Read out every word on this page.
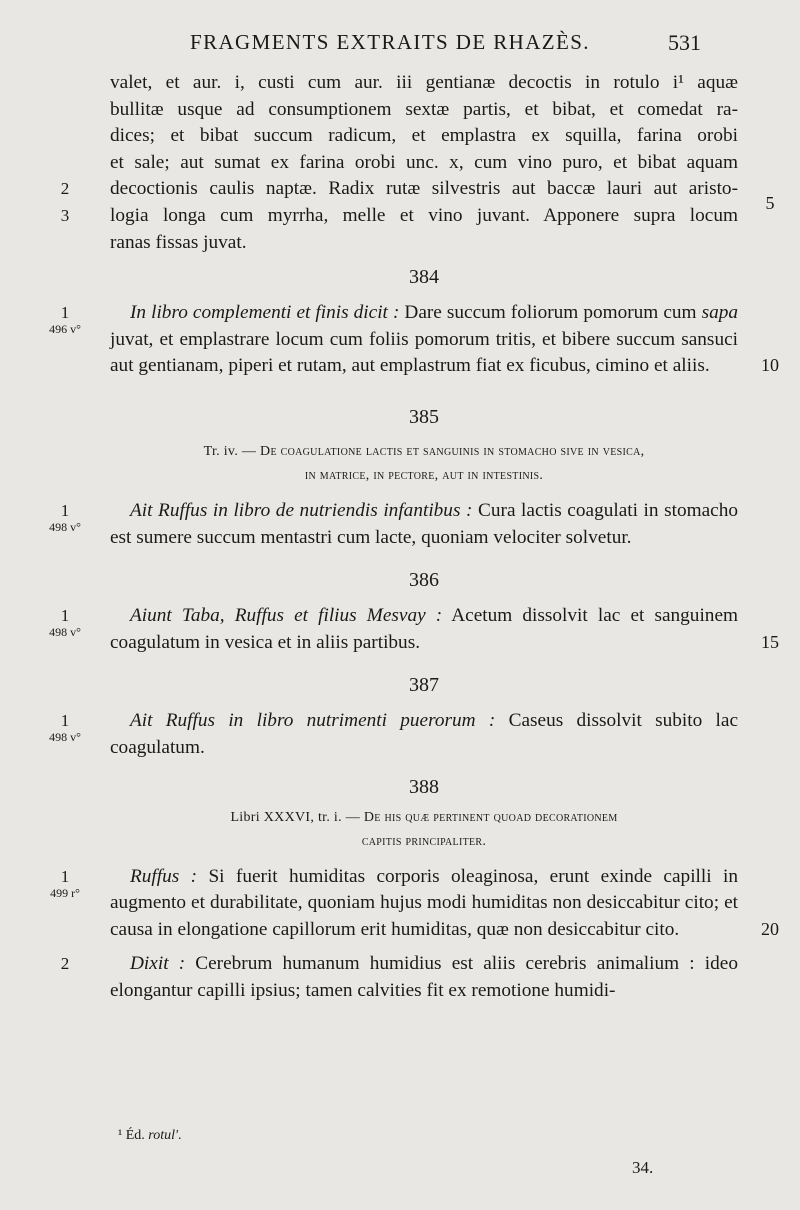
FRAGMENTS EXTRAITS DE RHAZÈS.	531
valet, et aur. i, custi cum aur. iii gentianæ decoctis in rotulo i¹ aquæ
bullitæ usque ad consumptionem sextæ partis, et bibat, et comedat ra-
dices; et bibat succum radicum, et emplastra ex squilla, farina orobi
et sale; aut sumat ex farina orobi unc. x, cum vino puro, et bibat aquam
decoctionis caulis naptæ. Radix rutæ silvestris aut baccæ lauri aut aristo-
logia longa cum myrrha, melle et vino juvant. Apponere supra locum
ranas fissas juvat.
2
3
5
384

In libro complementi et finis dicit : Dare succum foliorum pomorum cum sapa juvat, et emplastrare locum cum foliis pomorum tritis, et bibere succum sansuci aut gentianam, piperi et rutam, aut emplastrum fiat ex ficubus, cimino et aliis.

1
496 v°
10
385
Tr. iv. — De coagulatione lactis et sanguinis in stomacho sive in vesica,
in matrice, in pectore, aut in intestinis.

Ait Ruffus in libro de nutriendis infantibus : Cura lactis coagulati in stomacho est sumere succum mentastri cum lacte, quoniam velociter solvetur.

1
498 v°
386

Aiunt Taba, Ruffus et filius Mesvay : Acetum dissolvit lac et sanguinem coagulatum in vesica et in aliis partibus.

1
498 v°	15
387

Ait Ruffus in libro nutrimenti puerorum : Caseus dissolvit subito lac coagulatum.

1
498 v°
388
Libri XXXVI, tr. i. — De his quæ pertinent quoad decorationem
capitis principaliter.

Ruffus : Si fuerit humiditas corporis oleaginosa, erunt exinde capilli in augmento et durabilitate, quoniam hujus modi humiditas non desiccabitur cito; et causa in elongatione capillorum erit humiditas, quæ non desiccabitur cito.

1
499 r°
20

Dixit : Cerebrum humanum humidius est aliis cerebris animalium : ideo elongantur capilli ipsius; tamen calvities fit ex remotione humidi-

2
¹ Éd. rotul'.
34.
